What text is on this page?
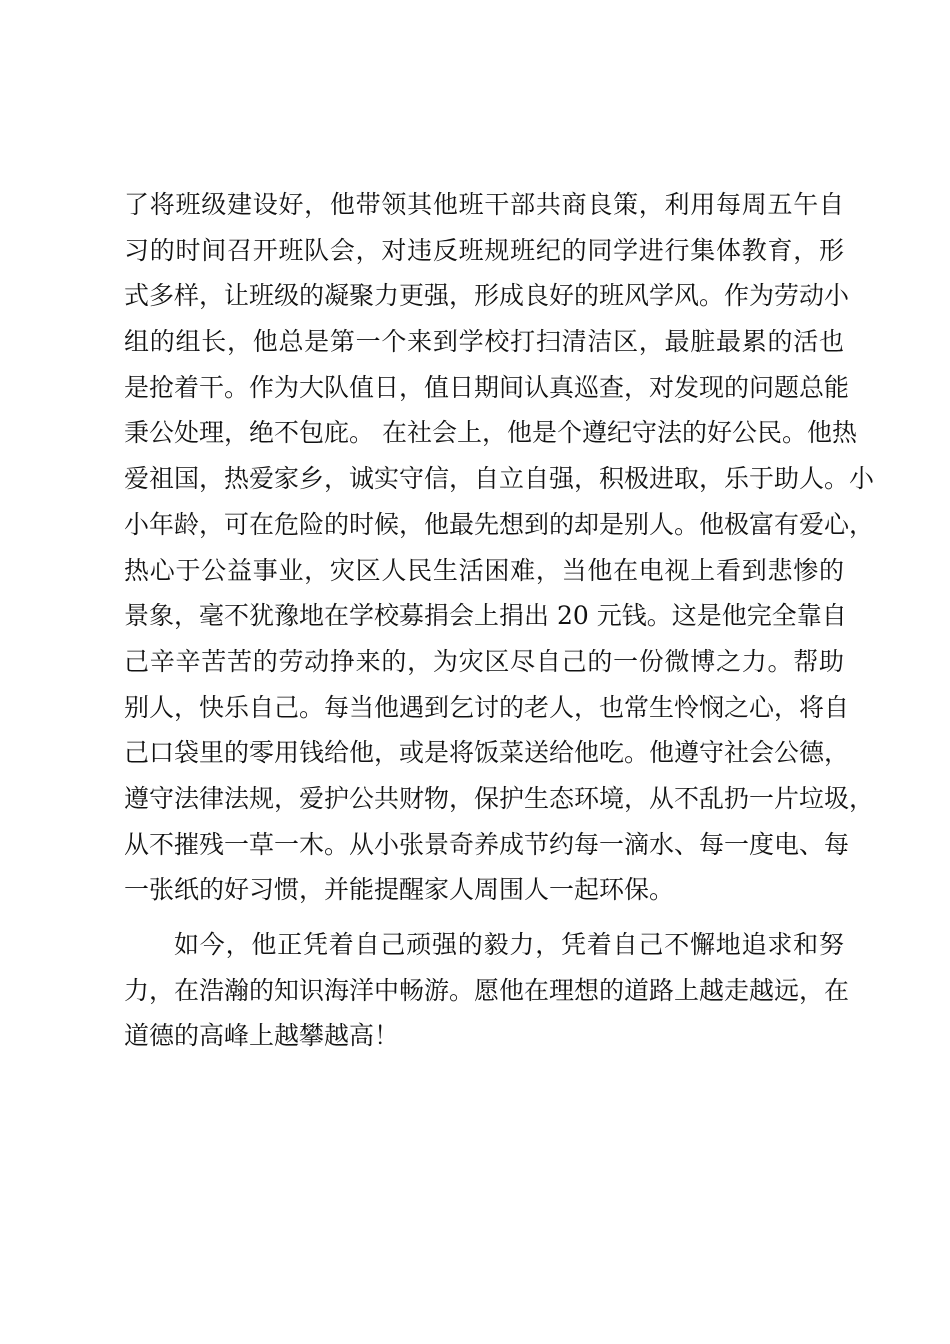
了将班级建设好，他带领其他班干部共商良策，利用每周五午自
习的时间召开班队会，对违反班规班纪的同学进行集体教育，形
式多样，让班级的凝聚力更强，形成良好的班风学风。作为劳动小
组的组长，他总是第一个来到学校打扫清洁区，最脏最累的活也
是抢着干。作为大队值日，值日期间认真巡查，对发现的问题总能
秉公处理，绝不包庇。 在社会上，他是个遵纪守法的好公民。他热
爱祖国，热爱家乡，诚实守信，自立自强，积极进取，乐于助人。小
小年龄，可在危险的时候，他最先想到的却是别人。他极富有爱心，
热心于公益事业，灾区人民生活困难，当他在电视上看到悲惨的
景象，毫不犹豫地在学校募捐会上捐出 20 元钱。这是他完全靠自
己辛辛苦苦的劳动挣来的，为灾区尽自己的一份微博之力。帮助
别人，快乐自己。每当他遇到乞讨的老人，也常生怜悯之心，将自
己口袋里的零用钱给他，或是将饭菜送给他吃。他遵守社会公德，
遵守法律法规，爱护公共财物，保护生态环境，从不乱扔一片垃圾，
从不摧残一草一木。从小张景奇养成节约每一滴水、每一度电、每
一张纸的好习惯，并能提醒家人周围人一起环保。
如今，他正凭着自己顽强的毅力，凭着自己不懈地追求和努
力，在浩瀚的知识海洋中畅游。愿他在理想的道路上越走越远，在
道德的高峰上越攀越高！
